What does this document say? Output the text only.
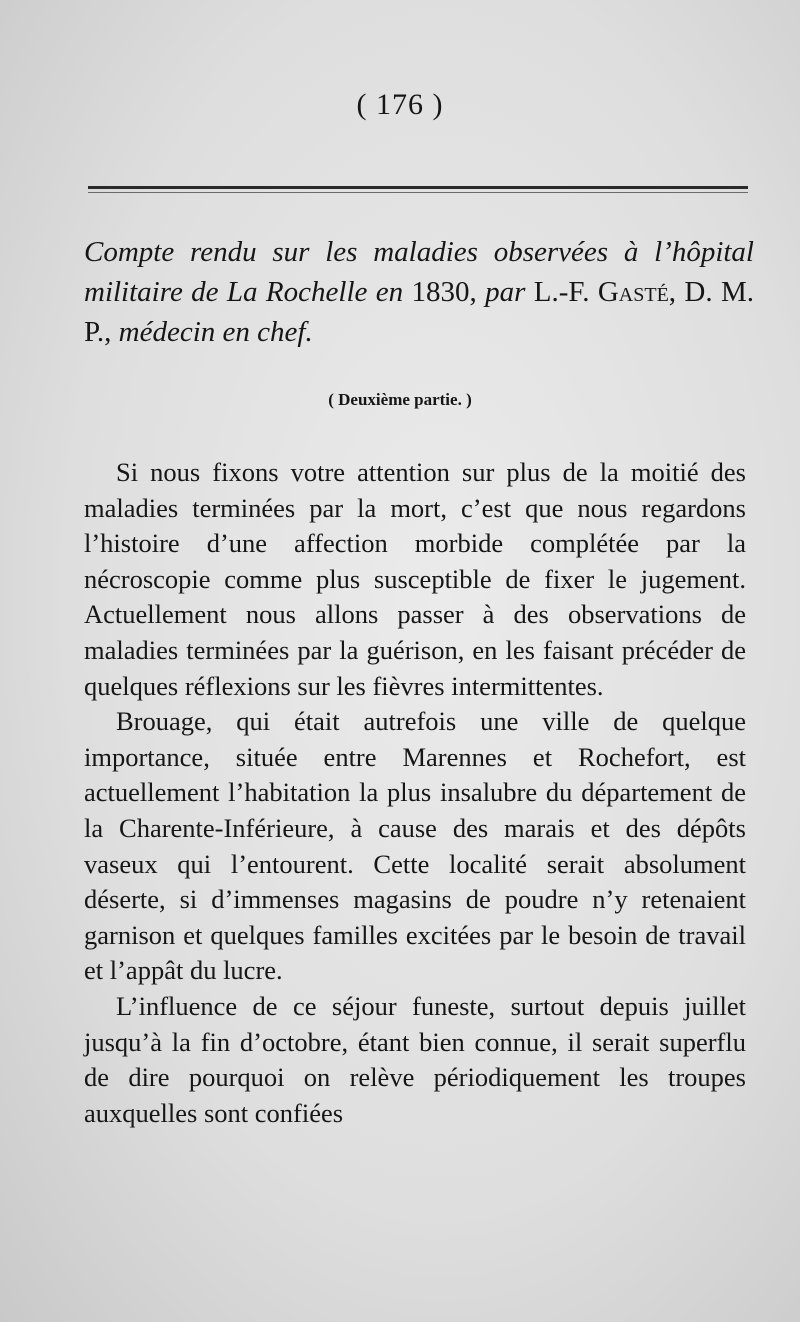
( 176 )
Compte rendu sur les maladies observées à l’hôpital militaire de La Rochelle en 1830, par L.-F. Gasté, D. M. P., médecin en chef.
( Deuxième partie. )

Si nous fixons votre attention sur plus de la moitié des maladies terminées par la mort, c’est que nous regardons l’histoire d’une affection morbide complétée par la nécroscopie comme plus susceptible de fixer le jugement. Actuellement nous allons passer à des observations de maladies terminées par la guérison, en les faisant précéder de quelques réflexions sur les fièvres intermittentes.

Brouage, qui était autrefois une ville de quelque importance, située entre Marennes et Rochefort, est actuellement l’habitation la plus insalubre du département de la Charente-Inférieure, à cause des marais et des dépôts vaseux qui l’entourent. Cette localité serait absolument déserte, si d’immenses magasins de poudre n’y retenaient garnison et quelques familles excitées par le besoin de travail et l’appât du lucre.

L’influence de ce séjour funeste, surtout depuis juillet jusqu’à la fin d’octobre, étant bien connue, il serait superflu de dire pourquoi on relève périodiquement les troupes auxquelles sont confiées
